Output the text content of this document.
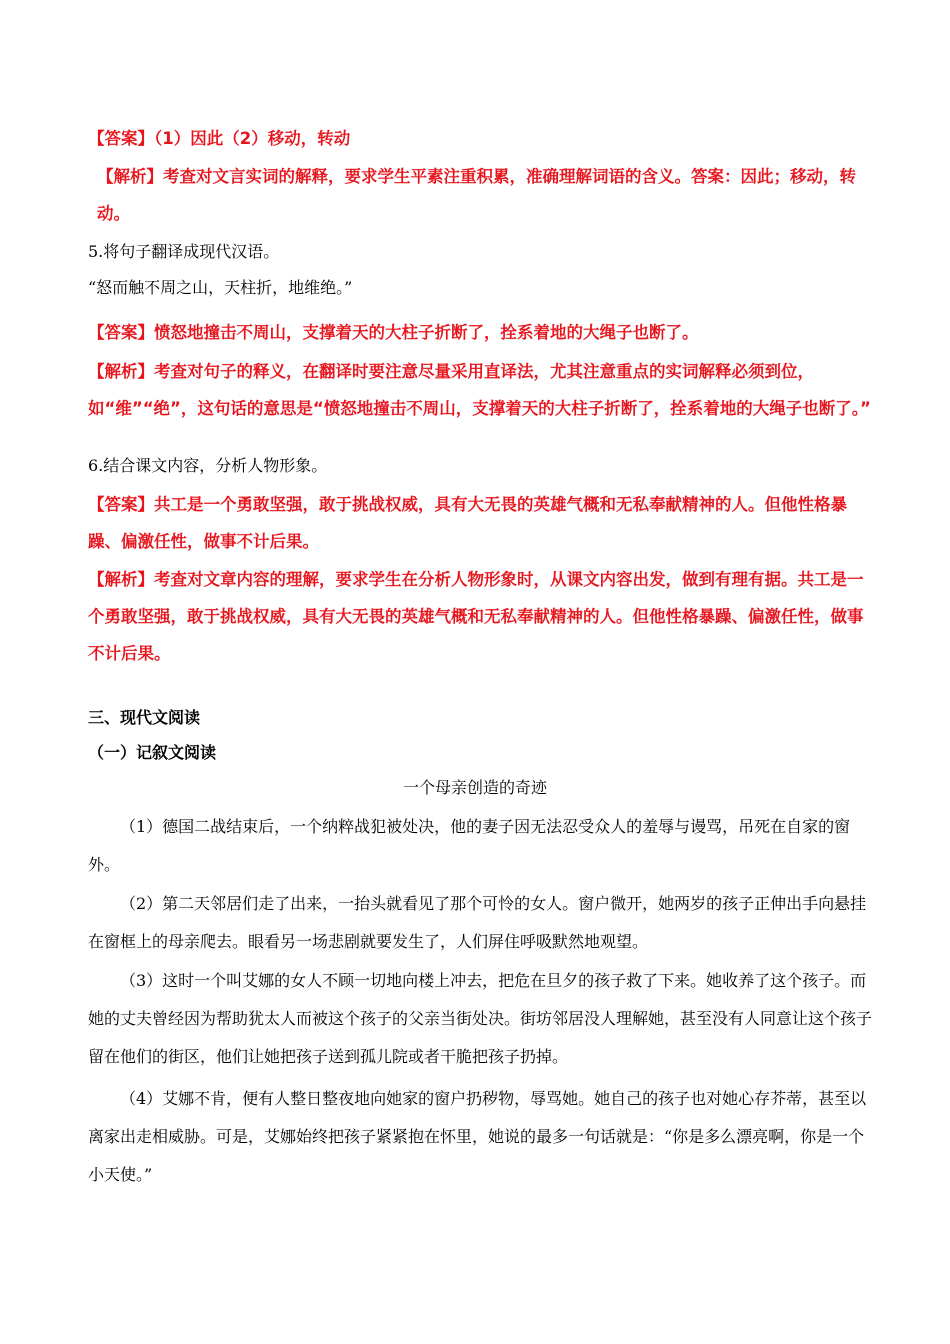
【答案】（1）因此（2）移动，转动

【解析】考查对文言实词的解释，要求学生平素注重积累，准确理解词语的含义。答案：因此；移动，转动。

5.将句子翻译成现代汉语。

“怒而触不周之山，天柱折，地维绝。”

【答案】愤怒地撞击不周山，支撑着天的大柱子折断了，拴系着地的大绳子也断了。

【解析】考查对句子的释义，在翻译时要注意尽量采用直译法，尤其注意重点的实词解释必须到位，如“维”“绝”，这句话的意思是“愤怒地撞击不周山，支撑着天的大柱子折断了，拴系着地的大绳子也断了。”

6.结合课文内容，分析人物形象。

【答案】共工是一个勇敢坚强，敢于挑战权威，具有大无畏的英雄气概和无私奉献精神的人。但他性格暴躁、偏激任性，做事不计后果。

【解析】考查对文章内容的理解，要求学生在分析人物形象时，从课文内容出发，做到有理有据。共工是一个勇敢坚强，敢于挑战权威，具有大无畏的英雄气概和无私奉献精神的人。但他性格暴躁、偏激任性，做事不计后果。

三、现代文阅读

（一）记叙文阅读

一个母亲创造的奇迹

（1）德国二战结束后，一个纳粹战犯被处决，他的妻子因无法忍受众人的羞辱与谩骂，吊死在自家的窗外。

（2）第二天邻居们走了出来，一抬头就看见了那个可怜的女人。窗户微开，她两岁的孩子正伸出手向悬挂在窗框上的母亲爬去。眼看另一场悲剧就要发生了，人们屏住呼吸默然地观望。

（3）这时一个叫艾娜的女人不顾一切地向楼上冲去，把危在旦夕的孩子救了下来。她收养了这个孩子。而她的丈夫曾经因为帮助犹太人而被这个孩子的父亲当街处决。街坊邻居没人理解她，甚至没有人同意让这个孩子留在他们的街区，他们让她把孩子送到孤儿院或者干脆把孩子扔掉。

（4）艾娜不肯，便有人整日整夜地向她家的窗户扔秽物，辱骂她。她自己的孩子也对她心存芥蒂，甚至以离家出走相威胁。可是，艾娜始终把孩子紧紧抱在怀里，她说的最多一句话就是：“你是多么漂亮啊，你是一个小天使。”
